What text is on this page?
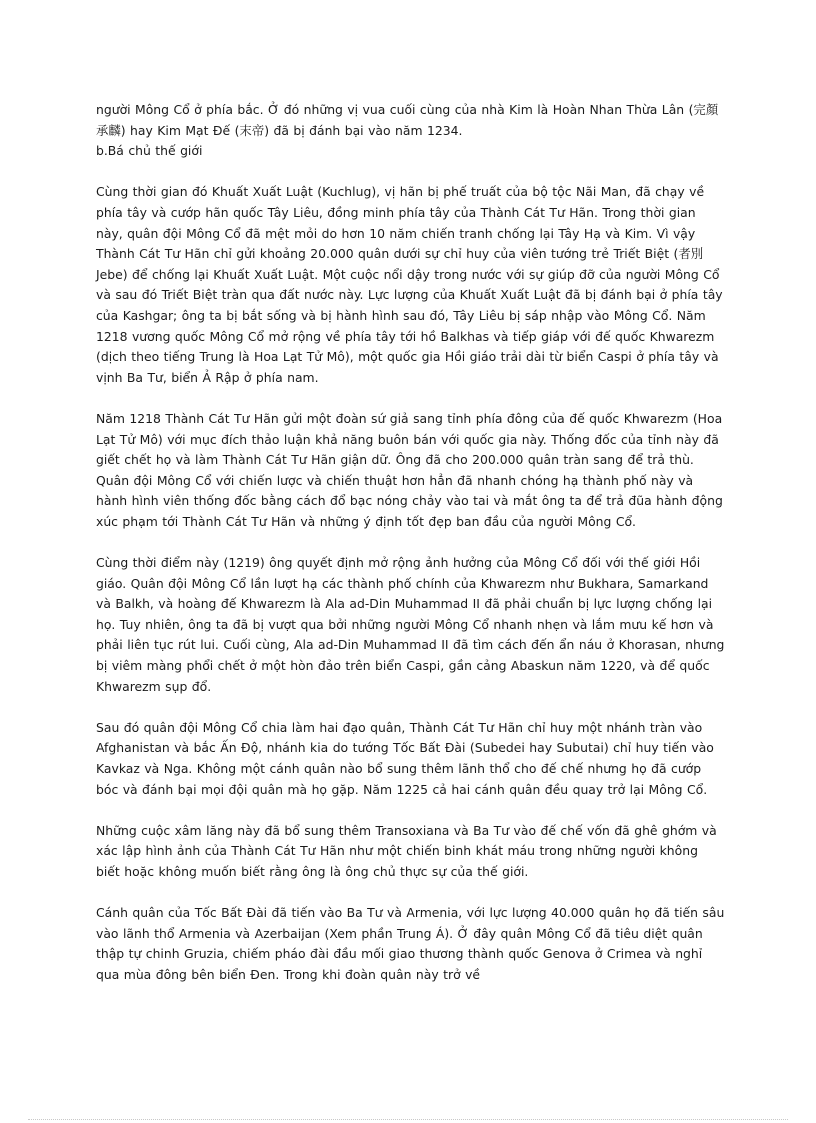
người Mông Cổ ở phía bắc. Ở đó những vị vua cuối cùng của nhà Kim là Hoàn Nhan Thừa Lân (完顏承麟) hay Kim Mạt Đế (末帝) đã bị đánh bại vào năm 1234.

b.Bá chủ thế giới

Cùng thời gian đó Khuất Xuất Luật (Kuchlug), vị hãn bị phế truất của bộ tộc Nãi Man, đã chạy về phía tây và cướp hãn quốc Tây Liêu, đồng minh phía tây của Thành Cát Tư Hãn. Trong thời gian này, quân đội Mông Cổ đã mệt mỏi do hơn 10 năm chiến tranh chống lại Tây Hạ và Kim. Vì vậy Thành Cát Tư Hãn chỉ gửi khoảng 20.000 quân dưới sự chỉ huy của viên tướng trẻ Triết Biệt (者別 Jebe) để chống lại Khuất Xuất Luật. Một cuộc nổi dậy trong nước với sự giúp đỡ của người Mông Cổ và sau đó Triết Biệt tràn qua đất nước này. Lực lượng của Khuất Xuất Luật đã bị đánh bại ở phía tây của Kashgar; ông ta bị bắt sống và bị hành hình sau đó, Tây Liêu bị sáp nhập vào Mông Cổ. Năm 1218 vương quốc Mông Cổ mở rộng về phía tây tới hồ Balkhas và tiếp giáp với đế quốc Khwarezm (dịch theo tiếng Trung là Hoa Lạt Tử Mô), một quốc gia Hồi giáo trải dài từ biển Caspi ở phía tây và vịnh Ba Tư, biển Ả Rập ở phía nam.

Năm 1218 Thành Cát Tư Hãn gửi một đoàn sứ giả sang tỉnh phía đông của đế quốc Khwarezm (Hoa Lạt Tử Mô) với mục đích thảo luận khả năng buôn bán với quốc gia này. Thống đốc của tỉnh này đã giết chết họ và làm Thành Cát Tư Hãn giận dữ. Ông đã cho 200.000 quân tràn sang để trả thù. Quân đội Mông Cổ với chiến lược và chiến thuật hơn hẳn đã nhanh chóng hạ thành phố này và hành hình viên thống đốc bằng cách đổ bạc nóng chảy vào tai và mắt ông ta để trả đũa hành động xúc phạm tới Thành Cát Tư Hãn và những ý định tốt đẹp ban đầu của người Mông Cổ.

Cùng thời điểm này (1219) ông quyết định mở rộng ảnh hưởng của Mông Cổ đối với thế giới Hồi giáo. Quân đội Mông Cổ lần lượt hạ các thành phố chính của Khwarezm như Bukhara, Samarkand và Balkh, và hoàng đế Khwarezm là Ala ad-Din Muhammad II đã phải chuẩn bị lực lượng chống lại họ. Tuy nhiên, ông ta đã bị vượt qua bởi những người Mông Cổ nhanh nhẹn và lắm mưu kế hơn và phải liên tục rút lui. Cuối cùng, Ala ad-Din Muhammad II đã tìm cách đến ẩn náu ở Khorasan, nhưng bị viêm màng phổi chết ở một hòn đảo trên biển Caspi, gần cảng Abaskun năm 1220, và để quốc Khwarezm sụp đổ.

Sau đó quân đội Mông Cổ chia làm hai đạo quân, Thành Cát Tư Hãn chỉ huy một nhánh tràn vào Afghanistan và bắc Ấn Độ, nhánh kia do tướng Tốc Bất Đài (Subedei hay Subutai) chỉ huy tiến vào Kavkaz và Nga. Không một cánh quân nào bổ sung thêm lãnh thổ cho đế chế nhưng họ đã cướp bóc và đánh bại mọi đội quân mà họ gặp. Năm 1225 cả hai cánh quân đều quay trở lại Mông Cổ.

Những cuộc xâm lăng này đã bổ sung thêm Transoxiana và Ba Tư vào đế chế vốn đã ghê ghớm và xác lập hình ảnh của Thành Cát Tư Hãn như một chiến binh khát máu trong những người không biết hoặc không muốn biết rằng ông là ông chủ thực sự của thế giới.

Cánh quân của Tốc Bất Đài đã tiến vào Ba Tư và Armenia, với lực lượng 40.000 quân họ đã tiến sâu vào lãnh thổ Armenia và Azerbaijan (Xem phần Trung Á). Ở đây quân Mông Cổ đã tiêu diệt quân thập tự chinh Gruzia, chiếm pháo đài đầu mối giao thương thành quốc Genova ở Crimea và nghỉ qua mùa đông bên biển Đen. Trong khi đoàn quân này trở về
